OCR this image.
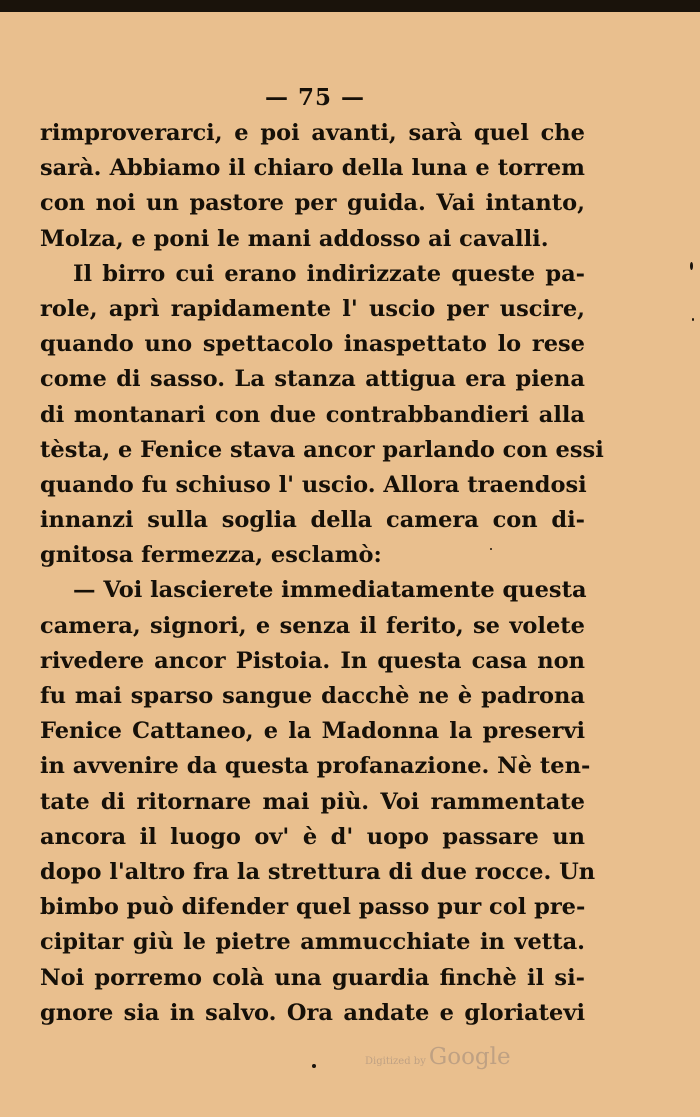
— 75 —
rimproverarci, e poi avanti, sarà quel che
sarà. Abbiamo il chiaro della luna e torrem
con noi un pastore per guida. Vai intanto,
Molza, e poni le mani addosso ai cavalli.
Il birro cui erano indirizzate queste pa-
role, aprì rapidamente l' uscio per uscire,
quando uno spettacolo inaspettato lo rese
come di sasso. La stanza attigua era piena
di montanari con due contrabbandieri alla
tèsta, e Fenice stava ancor parlando con essi
quando fu schiuso l' uscio. Allora traendosi
innanzi sulla soglia della camera con di-
gnitosa fermezza, esclamò:
— Voi lascierete immediatamente questa
camera, signori, e senza il ferito, se volete
rivedere ancor Pistoia. In questa casa non
fu mai sparso sangue dacchè ne è padrona
Fenice Cattaneo, e la Madonna la preservi
in avvenire da questa profanazione. Nè ten-
tate di ritornare mai più. Voi rammentate
ancora il luogo ov' è d' uopo passare un
dopo l'altro fra la strettura di due rocce. Un
bimbo può difender quel passo pur col pre-
cipitar giù le pietre ammucchiate in vetta.
Noi porremo colà una guardia finchè il si-
gnore sia in salvo. Ora andate e gloriatevi
Digitized by Google
